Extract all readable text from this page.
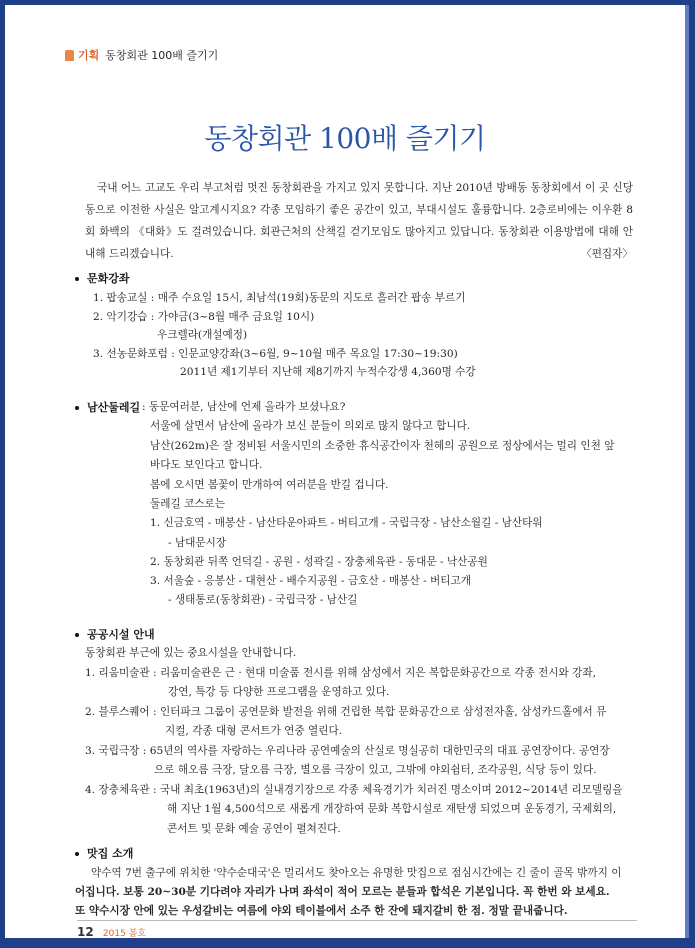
기획 동창회관 100배 즐기기
동창회관 100배 즐기기
국내 어느 고교도 우리 부고처럼 멋진 동창회관을 가지고 있지 못합니다. 지난 2010년 방배동 동창회에서 이 곳 신당동으로 이전한 사실은 알고계시지요? 각종 모임하기 좋은 공간이 있고, 부대시설도 훌륭합니다. 2층로비에는 이우환 8회 화백의 《대화》도 걸려있습니다. 회관근처의 산책길 걷기모임도 많아지고 있답니다. 동창회관 이용방법에 대해 안내해 드리겠습니다.	〈편집자〉
문화강좌
1. 팝송교실 : 매주 수요일 15시, 최남석(19회)동문의 지도로 흘러간 팝송 부르기
2. 악기강습 : 가야금(3~8월 매주 금요일 10시)
우크렐라(개설예정)
3. 선농문화포럼 : 인문교양강좌(3~6월, 9~10월 매주 목요일 17:30~19:30)
2011년 제1기부터 지난해 제8기까지 누적수강생 4,360명 수강
남산둘레길 : 동문여러분, 남산에 언제 올라가 보셨나요?
서울에 살면서 남산에 올라가 보신 분들이 의외로 많지 않다고 합니다.
남산(262m)은 잘 정비된 서울시민의 소중한 휴식공간이자 천혜의 공원으로 정상에서는 멀리 인천 앞
바다도 보인다고 합니다.
봄에 오시면 봄꽃이 만개하여 여러분을 반길 겁니다.
둘레길 코스로는
1. 신금호역 - 매봉산 - 남산타운아파트 - 버티고개 - 국립극장 - 남산소월길 - 남산타워
- 남대문시장
2. 동창회관 뒤쪽 언덕길 - 공원 - 성곽길 - 장충체육관 - 동대문 - 낙산공원
3. 서울숲 - 응봉산 - 대현산 - 배수지공원 - 금호산 - 매봉산 - 버티고개
- 생태통로(동창회관) - 국립극장 - 남산길
공공시설 안내
동창회관 부근에 있는 중요시설을 안내합니다.
1. 리움미술관 : 리움미술관은 근 · 현대 미술품 전시를 위해 삼성에서 지은 복합문화공간으로 각종 전시와 강좌,
강연, 특강 등 다양한 프로그램을 운영하고 있다.
2. 블루스퀘어 : 인터파크 그룹이 공연문화 발전을 위해 건립한 복합 문화공간으로 삼성전자홀, 삼성카드홀에서 뮤
지컬, 각종 대형 콘서트가 연중 열린다.
3. 국립극장 : 65년의 역사를 자랑하는 우리나라 공연예술의 산실로 명실공히 대한민국의 대표 공연장이다. 공연장
으로 해오름 극장, 달오름 극장, 별오름 극장이 있고, 그밖에 야외쉼터, 조각공원, 식당 등이 있다.
4. 장충체육관 : 국내 최초(1963년)의 실내경기장으로 각종 체육경기가 치러진 명소이며 2012~2014년 리모델링을
해 지난 1월 4,500석으로 새롭게 개장하여 문화 복합시설로 재탄생 되었으며 운동경기, 국제회의,
콘서트 및 문화 예술 공연이 펼쳐진다.
맛집 소개
약수역 7번 출구에 위치한 '약수순대국'은 멀리서도 찾아오는 유명한 맛집으로 점심시간에는 긴 줄이 골목 밖까지 이
어집니다. 보통 20~30분 기다려야 자리가 나며 좌석이 적어 모르는 분들과 합석은 기본입니다. 꼭 한번 와 보세요.
또 약수시장 안에 있는 우성갈비는 여름에 야외 테이블에서 소주 한 잔에 돼지갈비 한 점. 정말 끝내줍니다.
12 2015 봄호
